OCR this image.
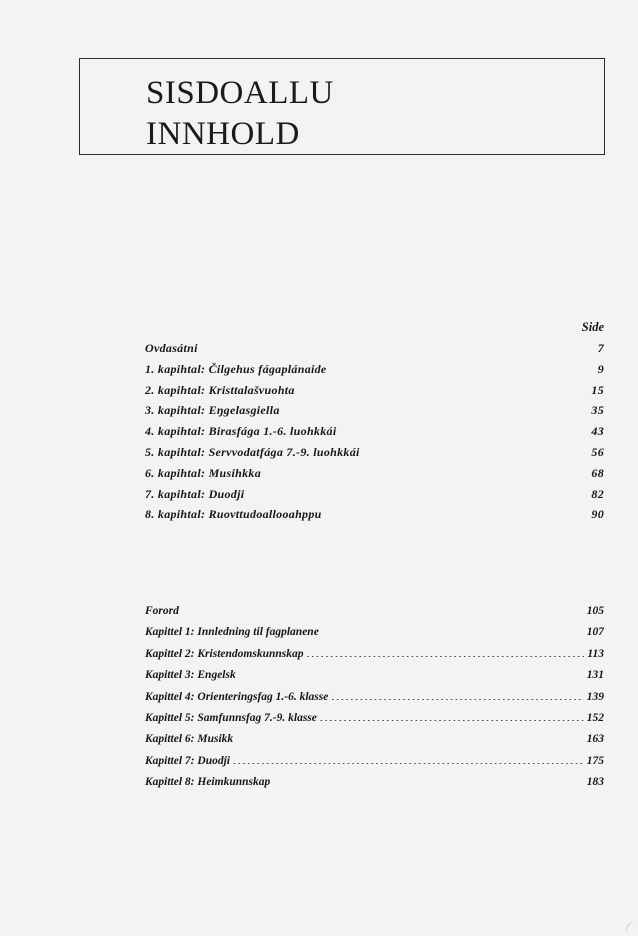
SISDOALLU
INNHOLD
Side
Ovdasátni . . .	7
1. kapihtal: Čilgehus fágaplánaide . . .	9
2. kapihtal: Kristtalašvuohta . . .	15
3. kapihtal: Eŋgelasgiella . . .	35
4. kapihtal: Birasfága 1.-6. luohkkái . . .	43
5. kapihtal: Servvodatfága 7.-9. luohkkái . . .	56
6. kapihtal: Musihkka . . .	68
7. kapihtal: Duodji . . .	82
8. kapihtal: Ruovttudoallooahppu . . .	90
Forord . . .	105
Kapittel 1: Innledning til fagplanene . . .	107
Kapittel 2: Kristendomskunnskap . . .	113
Kapittel 3: Engelsk . . .	131
Kapittel 4: Orienteringsfag 1.-6. klasse . . .	139
Kapittel 5: Samfunnsfag 7.-9. klasse . . .	152
Kapittel 6: Musikk . . .	163
Kapittel 7: Duodji . . .	175
Kapittel 8: Heimkunnskap . . .	183
